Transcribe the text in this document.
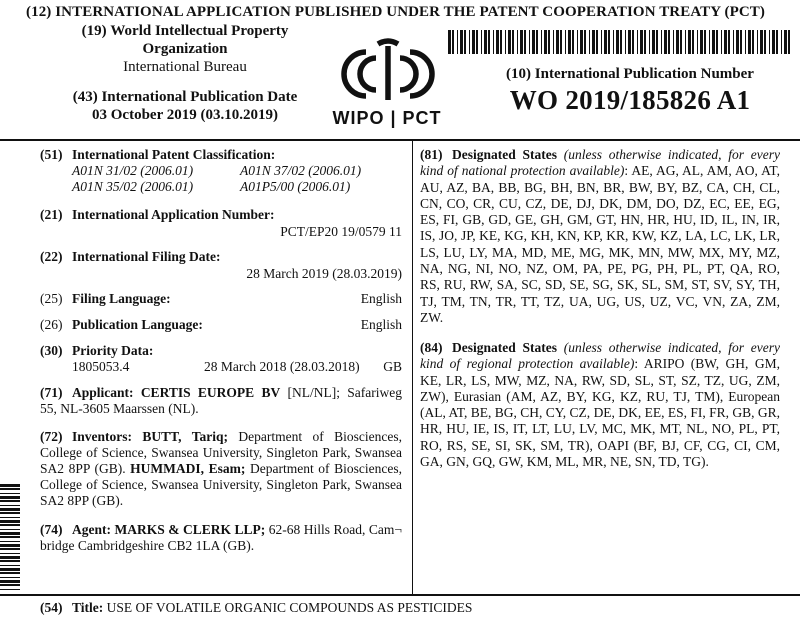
(12) INTERNATIONAL APPLICATION PUBLISHED UNDER THE PATENT COOPERATION TREATY (PCT)
(19) World Intellectual Property
Organization
International Bureau
(43) International Publication Date
03 October 2019 (03.10.2019)	WIPO | PCT
(10) International Publication Number
WO 2019/185826 A1
(51) International Patent Classification:
A01N 31/02 (2006.01)	A01N 37/02 (2006.01)
A01N 35/02 (2006.01)	A01P5/00 (2006.01)
(21) International Application Number:
PCT/EP20 19/0579 11
(22) International Filing Date:
28 March 2019 (28.03.2019)
(25) Filing Language:	English
(26) Publication Language:	English
(30) Priority Data:
1805053.4	28 March 2018 (28.03.2018) GB
(71) Applicant: CERTIS EUROPE BV [NL/NL]; Safariweg 55, NL-3605 Maarssen (NL).
(72) Inventors: BUTT, Tariq; Department of Biosciences, College of Science, Swansea University, Singleton Park, Swansea SA2 8PP (GB). HUMMADI, Esam; Department of Biosciences, College of Science, Swansea University, Singleton Park, Swansea SA2 8PP (GB).
(74) Agent: MARKS & CLERK LLP; 62-68 Hills Road, Cam¬ bridge Cambridgeshire CB2 1LA (GB).
(81) Designated States (unless otherwise indicated, for every kind of national protection available): AE, AG, AL, AM, AO, AT, AU, AZ, BA, BB, BG, BH, BN, BR, BW, BY, BZ, CA, CH, CL, CN, CO, CR, CU, CZ, DE, DJ, DK, DM, DO, DZ, EC, EE, EG, ES, FI, GB, GD, GE, GH, GM, GT, HN, HR, HU, ID, IL, IN, IR, IS, JO, JP, KE, KG, KH, KN, KP, KR, KW, KZ, LA, LC, LK, LR, LS, LU, LY, MA, MD, ME, MG, MK, MN, MW, MX, MY, MZ, NA, NG, NI, NO, NZ, OM, PA, PE, PG, PH, PL, PT, QA, RO, RS, RU, RW, SA, SC, SD, SE, SG, SK, SL, SM, ST, SV, SY, TH, TJ, TM, TN, TR, TT, TZ, UA, UG, US, UZ, VC, VN, ZA, ZM, ZW.
(84) Designated States (unless otherwise indicated, for every kind of regional protection available): ARIPO (BW, GH, GM, KE, LR, LS, MW, MZ, NA, RW, SD, SL, ST, SZ, TZ, UG, ZM, ZW), Eurasian (AM, AZ, BY, KG, KZ, RU, TJ, TM), European (AL, AT, BE, BG, CH, CY, CZ, DE, DK, EE, ES, FI, FR, GB, GR, HR, HU, IE, IS, IT, LT, LU, LV, MC, MK, MT, NL, NO, PL, PT, RO, RS, SE, SI, SK, SM, TR), OAPI (BF, BJ, CF, CG, CI, CM, GA, GN, GQ, GW, KM, ML, MR, NE, SN, TD, TG).
(54) Title: USE OF VOLATILE ORGANIC COMPOUNDS AS PESTICIDES
